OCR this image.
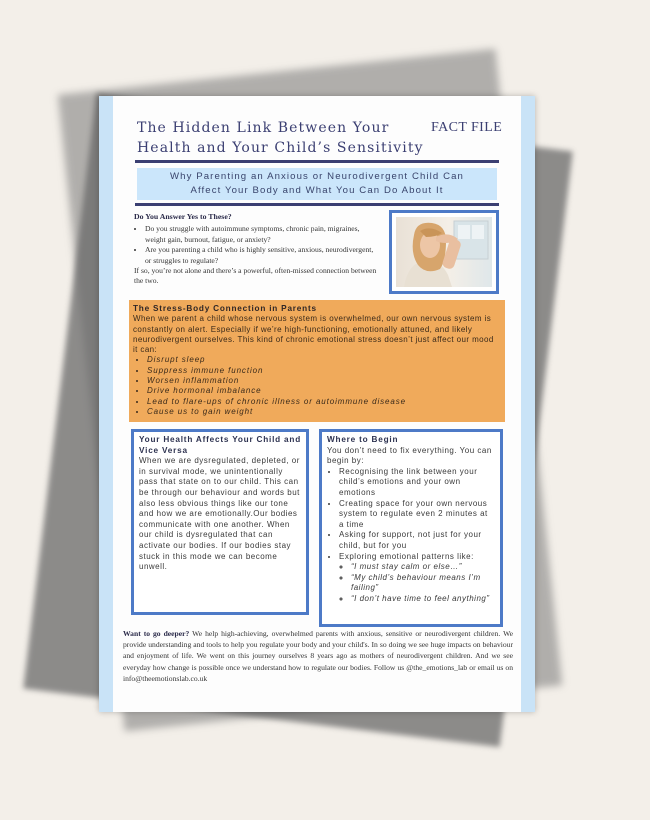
The Hidden Link Between Your
Health and Your Child’s Sensitivity
FACT FILE
Why Parenting an Anxious or Neurodivergent Child Can
Affect Your Body and What You Can Do About It
Do You Answer Yes to These?
• Do you struggle with autoimmune symptoms, chronic pain, migraines, weight gain, burnout, fatigue, or anxiety?
• Are you parenting a child who is highly sensitive, anxious, neurodivergent, or struggles to regulate?
If so, you’re not alone and there’s a powerful, often-missed connection between the two.
The Stress-Body Connection in Parents

When we parent a child whose nervous system is overwhelmed, our own nervous system is constantly on alert. Especially if we’re high-functioning, emotionally attuned, and likely neurodivergent ourselves. This kind of chronic emotional stress doesn’t just affect our mood it can:

• Disrupt sleep
• Suppress immune function
• Worsen inflammation
• Drive hormonal imbalance
• Lead to flare-ups of chronic illness or autoimmune disease
• Cause us to gain weight
Your Health Affects Your Child and Vice Versa

When we are dysregulated, depleted, or in survival mode, we unintentionally pass that state on to our child. This can be through our behaviour and words but also less obvious things like our tone and how we are emotionally.Our bodies communicate with one another. When our child is dysregulated that can activate our bodies. If our bodies stay stuck in this mode we can become unwell.

Where to Begin

You don’t need to fix everything. You can begin by:

• Recognising the link between your child’s emotions and your own emotions
• Creating space for your own nervous system to regulate even 2 minutes at a time
• Asking for support, not just for your child, but for you
• Exploring emotional patterns like:
◦ “I must stay calm or else…”
◦ “My child’s behaviour means I’m failing”
◦ “I don’t have time to feel anything”
Want to go deeper? We help high-achieving, overwhelmed parents with anxious, sensitive or neurodivergent children. We provide understanding and tools to help you regulate your body and your child's. In so doing we see huge impacts on behaviour and enjoyment of life. We went on this journey ourselves 8 years ago as mothers of neurodivergent children. And we see everyday how change is possible once we understand how to regulate our bodies. Follow us @the_emotions_lab or email us on info@theemotionslab.co.uk
